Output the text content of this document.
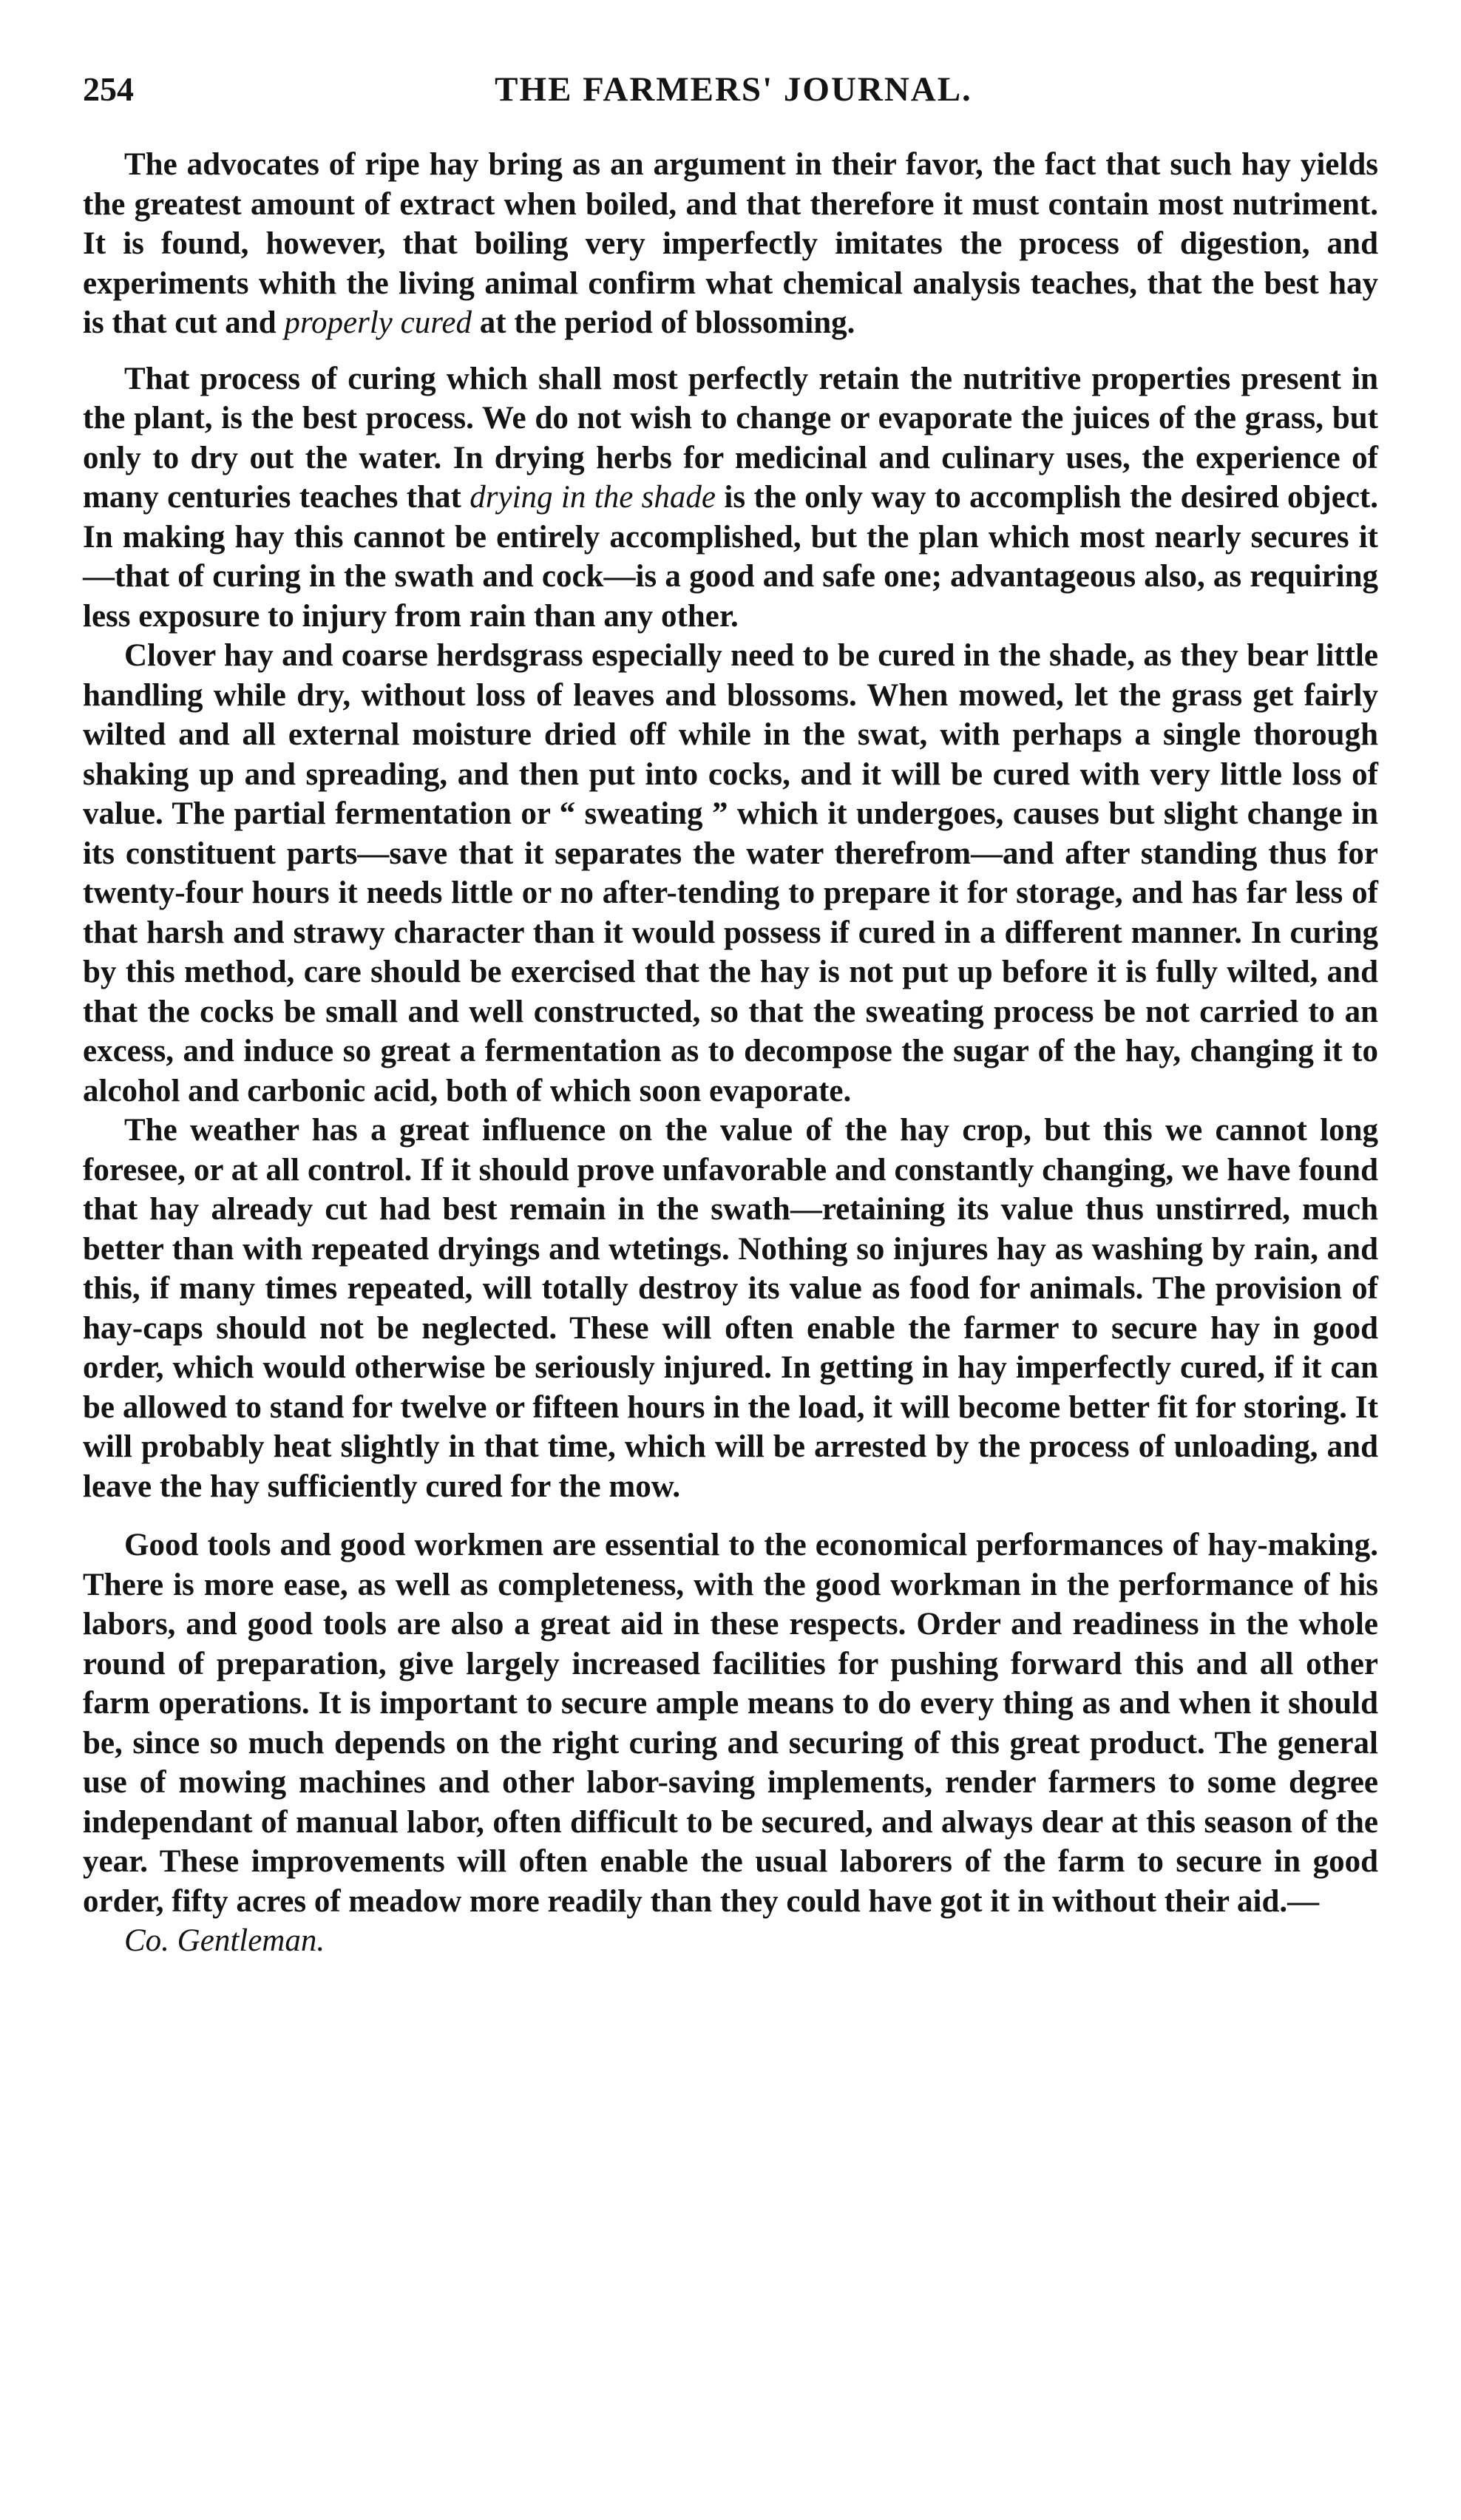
254	THE FARMERS' JOURNAL.

The advocates of ripe hay bring as an argument in their favor, the fact that such hay yields the greatest amount of extract when boiled, and that therefore it must contain most nutriment. It is found, however, that boiling very imperfectly imitates the process of digestion, and experiments whith the living animal confirm what chemical analysis teaches, that the best hay is that cut and properly cured at the period of blossoming.

That process of curing which shall most perfectly retain the nutritive properties present in the plant, is the best process. We do not wish to change or evaporate the juices of the grass, but only to dry out the water. In drying herbs for medicinal and culinary uses, the experience of many centuries teaches that drying in the shade is the only way to accomplish the desired object. In making hay this cannot be entirely accomplished, but the plan which most nearly secures it—that of curing in the swath and cock—is a good and safe one; advantageous also, as requiring less exposure to injury from rain than any other.

Clover hay and coarse herdsgrass especially need to be cured in the shade, as they bear little handling while dry, without loss of leaves and blossoms. When mowed, let the grass get fairly wilted and all external moisture dried off while in the swat, with perhaps a single thorough shaking up and spreading, and then put into cocks, and it will be cured with very little loss of value. The partial fermentation or “ sweating ” which it undergoes, causes but slight change in its constituent parts—save that it separates the water therefrom—and after standing thus for twenty-four hours it needs little or no after-tending to prepare it for storage, and has far less of that harsh and strawy character than it would possess if cured in a different manner. In curing by this method, care should be exercised that the hay is not put up before it is fully wilted, and that the cocks be small and well constructed, so that the sweating process be not carried to an excess, and induce so great a fermentation as to decompose the sugar of the hay, changing it to alcohol and carbonic acid, both of which soon evaporate.

The weather has a great influence on the value of the hay crop, but this we cannot long foresee, or at all control. If it should prove unfavorable and constantly changing, we have found that hay already cut had best remain in the swath—retaining its value thus unstirred, much better than with repeated dryings and wtetings. Nothing so injures hay as washing by rain, and this, if many times repeated, will totally destroy its value as food for animals. The provision of hay-caps should not be neglected. These will often enable the farmer to secure hay in good order, which would otherwise be seriously injured. In getting in hay imperfectly cured, if it can be allowed to stand for twelve or fifteen hours in the load, it will become better fit for storing. It will probably heat slightly in that time, which will be arrested by the process of unloading, and leave the hay sufficiently cured for the mow.

Good tools and good workmen are essential to the economical performances of hay-making. There is more ease, as well as completeness, with the good workman in the performance of his labors, and good tools are also a great aid in these respects. Order and readiness in the whole round of preparation, give largely increased facilities for pushing forward this and all other farm operations. It is important to secure ample means to do every thing as and when it should be, since so much depends on the right curing and securing of this great product. The general use of mowing machines and other labor-saving implements, render farmers to some degree independant of manual labor, often difficult to be secured, and always dear at this season of the year. These improvements will often enable the usual laborers of the farm to secure in good order, fifty acres of meadow more readily than they could have got it in without their aid.—

Co. Gentleman.
